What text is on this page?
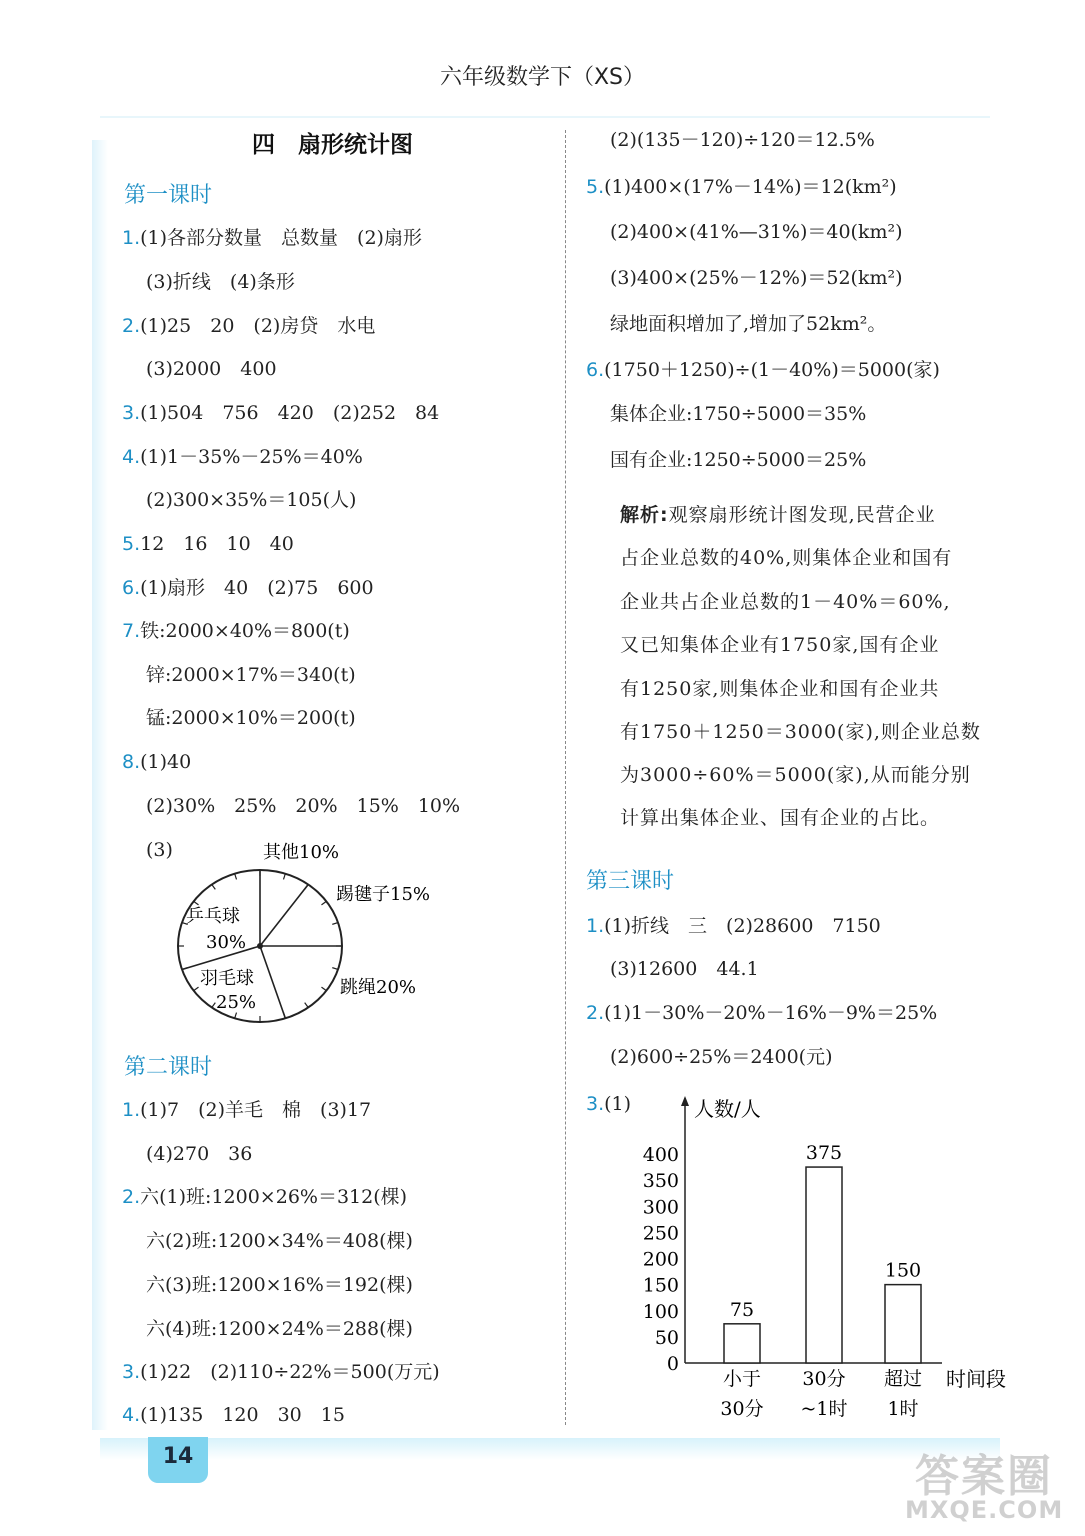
六年级数学下（XS）
四　扇形统计图
第一课时
1.(1)各部分数量　总数量　(2)扇形
(3)折线　(4)条形
2.(1)25　20　(2)房贷　水电
(3)2000　400
3.(1)504　756　420　(2)252　84
4.(1)1－35%－25%＝40%
(2)300×35%＝105(人)
5.12　16　10　40
6.(1)扇形　40　(2)75　600
7.铁:2000×40%＝800(t)
锌:2000×17%＝340(t)
锰:2000×10%＝200(t)
8.(1)40
(2)30%　25%　20%　15%　10%
(3)	其他10%
踢毽子15%
乒乓球
30%
羽毛球
25%
跳绳20%
第二课时
1.(1)7　(2)羊毛　棉　(3)17
(4)270　36
2.六(1)班:1200×26%＝312(棵)
六(2)班:1200×34%＝408(棵)
六(3)班:1200×16%＝192(棵)
六(4)班:1200×24%＝288(棵)
3.(1)22　(2)110÷22%＝500(万元)
4.(1)135　120　30　15
(2)(135－120)÷120＝12.5%
5.(1)400×(17%－14%)＝12(km²)
(2)400×(41%—31%)＝40(km²)
(3)400×(25%－12%)＝52(km²)
绿地面积增加了,增加了52km²。
6.(1750＋1250)÷(1－40%)＝5000(家)
集体企业:1750÷5000＝35%
国有企业:1250÷5000＝25%
解析:观察扇形统计图发现,民营企业
占企业总数的40%,则集体企业和国有
企业共占企业总数的1－40%＝60%,
又已知集体企业有1750家,国有企业
有1250家,则集体企业和国有企业共
有1750＋1250＝3000(家),则企业总数
为3000÷60%＝5000(家),从而能分别
计算出集体企业、国有企业的占比。
第三课时
1.(1)折线　三　(2)28600　7150
(3)12600　44.1
2.(1)1－30%－20%－16%－9%＝25%
(2)600÷25%＝2400(元)
3.(1)
0
50
100
150
200
250
300
350
400
75
375
150
小于
30分
30分
~1时
超过
1时
人数/人
时间段
14	答案圈
MXQE.COM
